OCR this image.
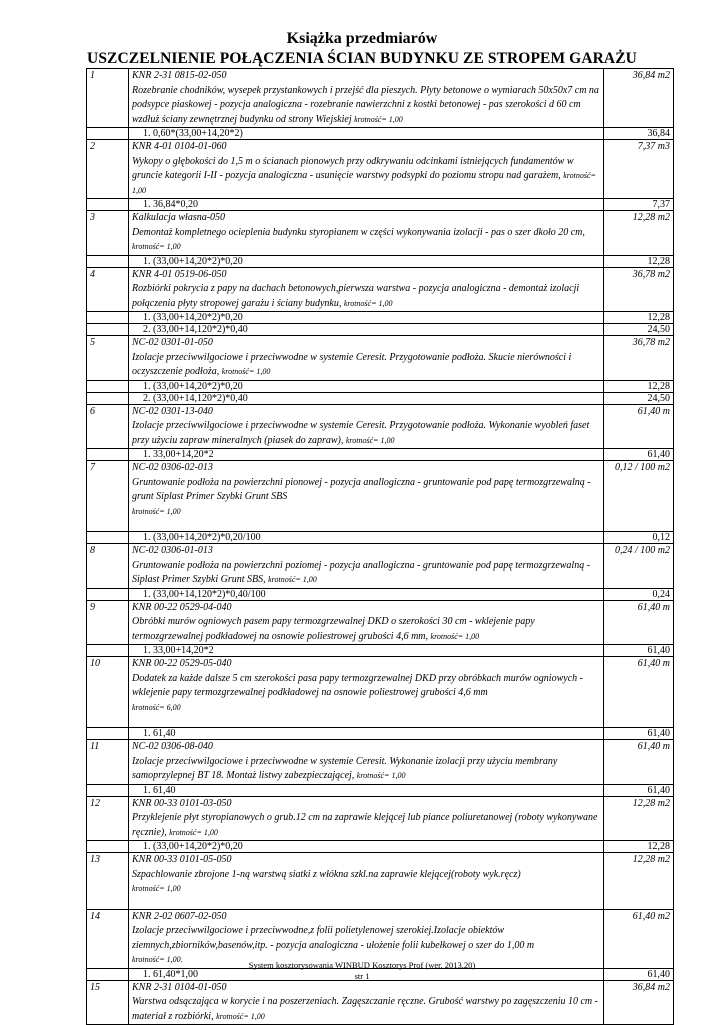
Książka przedmiarów
USZCZELNIENIE POŁĄCZENIA ŚCIAN BUDYNKU ZE STROPEM GARAŻU
1	KNR 2-31 0815-02-050
Rozebranie chodników, wysepek przystankowych i przejść dla pieszych. Płyty betonowe o wymiarach 50x50x7 cm na podsypce piaskowej - pozycja analogiczna - rozebranie nawierzchni z kostki betonowej - pas szerokości d 60 cm wzdłuż ściany zewnętrznej budynku od strony Wiejskiej krotność= 1,00	36,84 m2
	1. 0,60*(33,00+14,20*2)	36,84
2	KNR 4-01 0104-01-060
Wykopy o głębokości do 1,5 m o ścianach pionowych przy odkrywaniu odcinkami istniejących fundamentów w gruncie kategorii I-II - pozycja analogiczna - usunięcie warstwy podsypki do poziomu stropu nad garażem, krotność= 1,00	7,37 m3
	1. 36,84*0,20	7,37
3	Kalkulacja własna-050
Demontaż kompletnego ocieplenia budynku styropianem w części wykonywania izolacji - pas o szer dkoło 20 cm, krotność= 1,00	12,28 m2
	1. (33,00+14,20*2)*0,20	12,28
4	KNR 4-01 0519-06-050
Rozbiórki pokrycia z papy na dachach betonowych,pierwsza warstwa - pozycja analogiczna - demontaż izolacji połączenia płyty stropowej garażu i ściany budynku, krotność= 1,00	36,78 m2
	1. (33,00+14,20*2)*0,20	12,28
	2. (33,00+14,120*2)*0,40	24,50
5	NC-02 0301-01-050
Izolacje przeciwwilgociowe i przeciwwodne w systemie Ceresit. Przygotowanie podłoża. Skucie nierówności i oczyszczenie podłoża, krotność= 1,00	36,78 m2
	1. (33,00+14,20*2)*0,20	12,28
	2. (33,00+14,120*2)*0,40	24,50
6	NC-02 0301-13-040
Izolacje przeciwwilgociowe i przeciwwodne w systemie Ceresit. Przygotowanie podłoża. Wykonanie wyobleń faset przy użyciu zapraw mineralnych (piasek do zapraw), krotność= 1,00	61,40 m
	1. 33,00+14,20*2	61,40
7	NC-02 0306-02-013
Gruntowanie podłoża na powierzchni pionowej - pozycja anallogiczna - gruntowanie pod papę termozgrzewalną - grunt Siplast Primer Szybki Grunt SBS
krotność= 1,00	0,12 / 100 m2
	1. (33,00+14,20*2)*0,20/100	0,12
8	NC-02 0306-01-013
Gruntowanie podłoża na powierzchni poziomej - pozycja anallogiczna - gruntowanie pod papę termozgrzewalną - Siplast Primer Szybki Grunt SBS, krotność= 1,00	0,24 / 100 m2
	1. (33,00+14,120*2)*0,40/100	0,24
9	KNR 00-22 0529-04-040
Obróbki murów ogniowych pasem papy termozgrzewalnej DKD o szerokości 30 cm - wklejenie papy termozgrzewalnej podkładowej na osnowie poliestrowej grubości 4,6 mm, krotność= 1,00	61,40 m
	1. 33,00+14,20*2	61,40
10	KNR 00-22 0529-05-040
Dodatek za każde dalsze 5 cm szerokości pasa papy termozgrzewalnej DKD przy obróbkach murów ogniowych - wklejenie papy termozgrzewalnej podkładowej na osnowie poliestrowej grubości 4,6 mm
krotność= 6,00	61,40 m
	1. 61,40	61,40
11	NC-02 0306-08-040
Izolacje przeciwwilgociowe i przeciwwodne w systemie Ceresit. Wykonanie izolacji przy użyciu membrany samoprzylepnej BT 18. Montaż listwy zabezpieczającej, krotność= 1,00	61,40 m
	1. 61,40	61,40
12	KNR 00-33 0101-03-050
Przyklejenie płyt styropianowych o grub.12 cm na zaprawie klejącej lub piance poliuretanowej (roboty wykonywane ręcznie), krotność= 1,00	12,28 m2
	1. (33,00+14,20*2)*0,20	12,28
13	KNR 00-33 0101-05-050
Szpachlowanie zbrojone 1-ną warstwą siatki z włókna szkl.na zaprawie klejącej(roboty wyk.ręcz)
krotność= 1,00	12,28 m2
14	KNR 2-02 0607-02-050
Izolacje przeciwwilgociowe i przeciwwodne,z folii polietylenowej szerokiej.Izolacje obiektów ziemnych,zbiorników,basenów,itp. - pozycja analogiczna - ułożenie folii kubełkowej o szer do 1,00 m
krotność= 1,00.	61,40 m2
	1. 61,40*1,00	61,40
15	KNR 2-31 0104-01-050
Warstwa odsączająca w korycie i na poszerzeniach. Zagęszczanie ręczne. Grubość warstwy po zagęszczeniu 10 cm - materiał z rozbiórki, krotność= 1,00	36,84 m2
System kosztorysowania WINBUD Kosztorys Prof (wer. 2013.20)
str 1
